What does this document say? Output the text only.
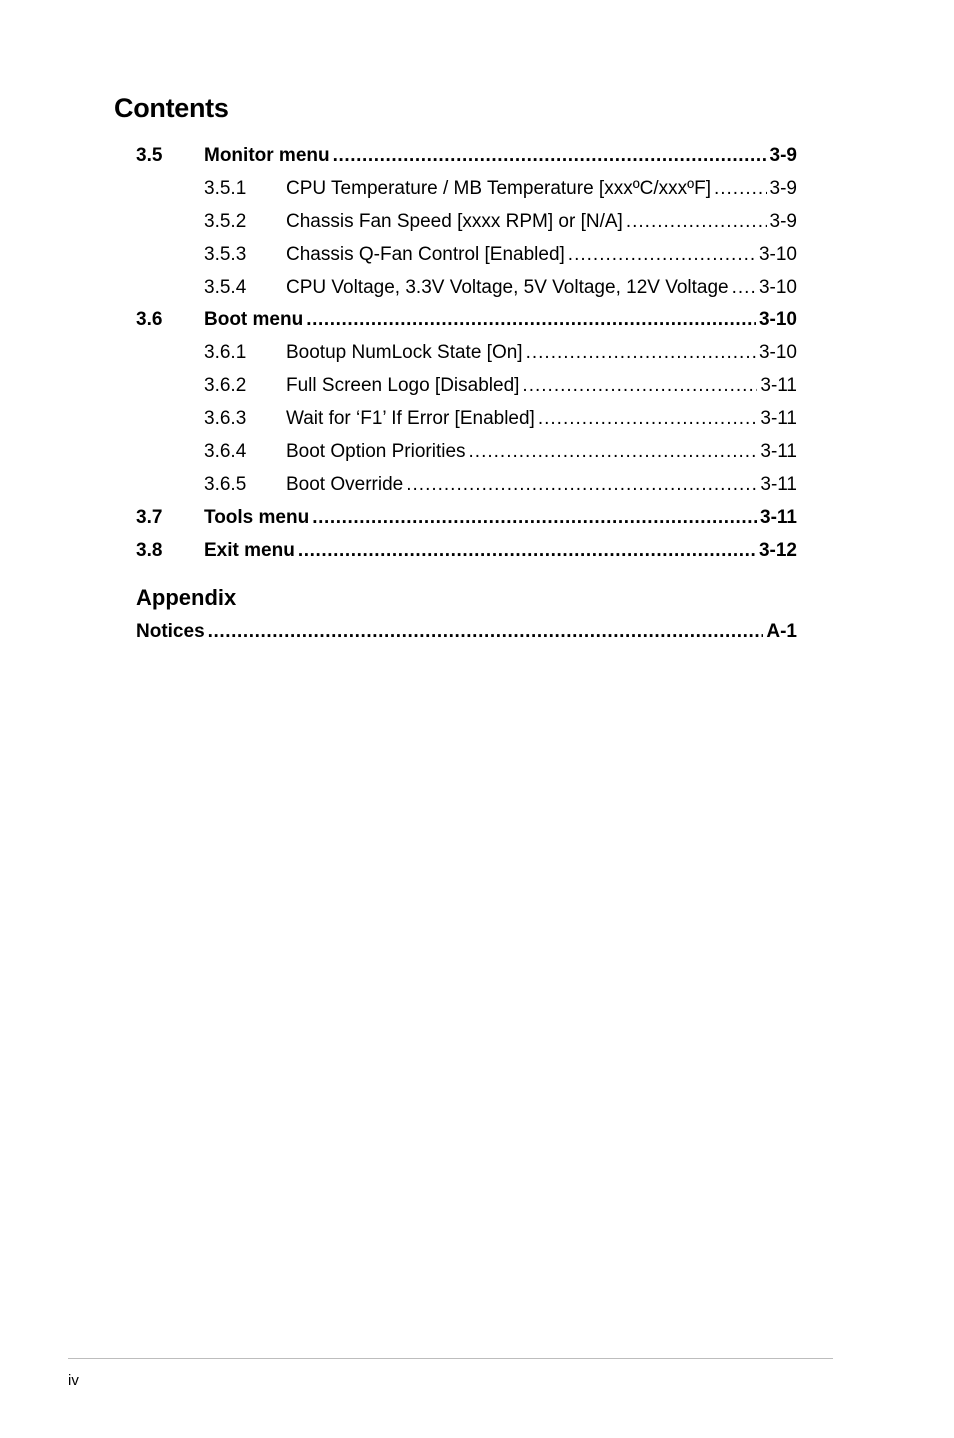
Contents
3.5	Monitor menu .....	3-9
3.5.1	CPU Temperature / MB Temperature [xxxºC/xxxºF] .....	3-9
3.5.2	Chassis Fan Speed [xxxx RPM] or [N/A] .....	3-9
3.5.3	Chassis Q-Fan Control [Enabled] .....	3-10
3.5.4	CPU Voltage, 3.3V Voltage, 5V Voltage, 12V Voltage ..... 3-10
3.6	Boot menu .....	3-10
3.6.1	Bootup NumLock State [On] .....	3-10
3.6.2	Full Screen Logo [Disabled] .....	3-11
3.6.3	Wait for ‘F1’ If Error [Enabled] .....	3-11
3.6.4	Boot Option Priorities .....	3-11
3.6.5	Boot Override .....	3-11
3.7	Tools menu .....	3-11
3.8	Exit menu .....	3-12
Appendix
Notices .....	A-1
iv
